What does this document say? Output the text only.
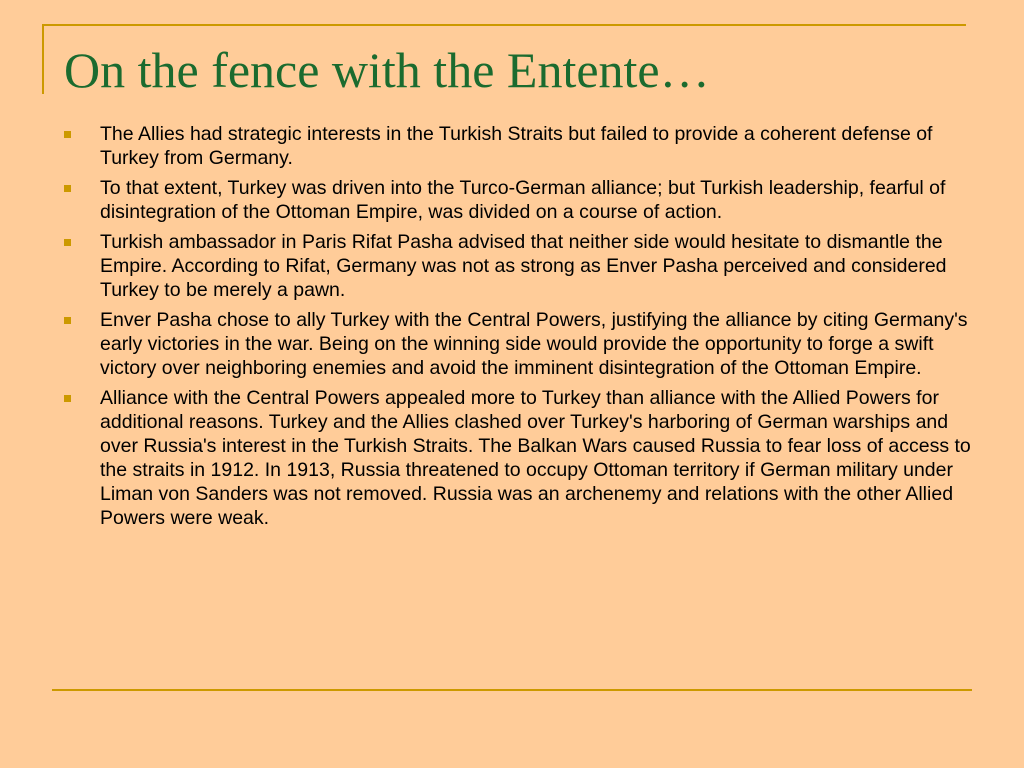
On the fence with the Entente…
The Allies had strategic interests in the Turkish Straits but failed to provide a coherent defense of Turkey from Germany.
To that extent, Turkey was driven into the Turco-German alliance; but Turkish leadership, fearful of disintegration of the Ottoman Empire, was divided on a course of action.
Turkish ambassador in Paris Rifat Pasha advised that neither side would hesitate to dismantle the Empire. According to Rifat, Germany was not as strong as Enver Pasha perceived and considered Turkey to be merely a pawn.
Enver Pasha chose to ally Turkey with the Central Powers, justifying the alliance by citing Germany's early victories in the war. Being on the winning side would provide the opportunity to forge a swift victory over neighboring enemies and avoid the imminent disintegration of the Ottoman Empire.
Alliance with the Central Powers appealed more to Turkey than alliance with the Allied Powers for additional reasons. Turkey and the Allies clashed over Turkey's harboring of German warships and over Russia's interest in the Turkish Straits. The Balkan Wars caused Russia to fear loss of access to the straits in 1912. In 1913, Russia threatened to occupy Ottoman territory if German military under Liman von Sanders was not removed. Russia was an archenemy and relations with the other Allied Powers were weak.
